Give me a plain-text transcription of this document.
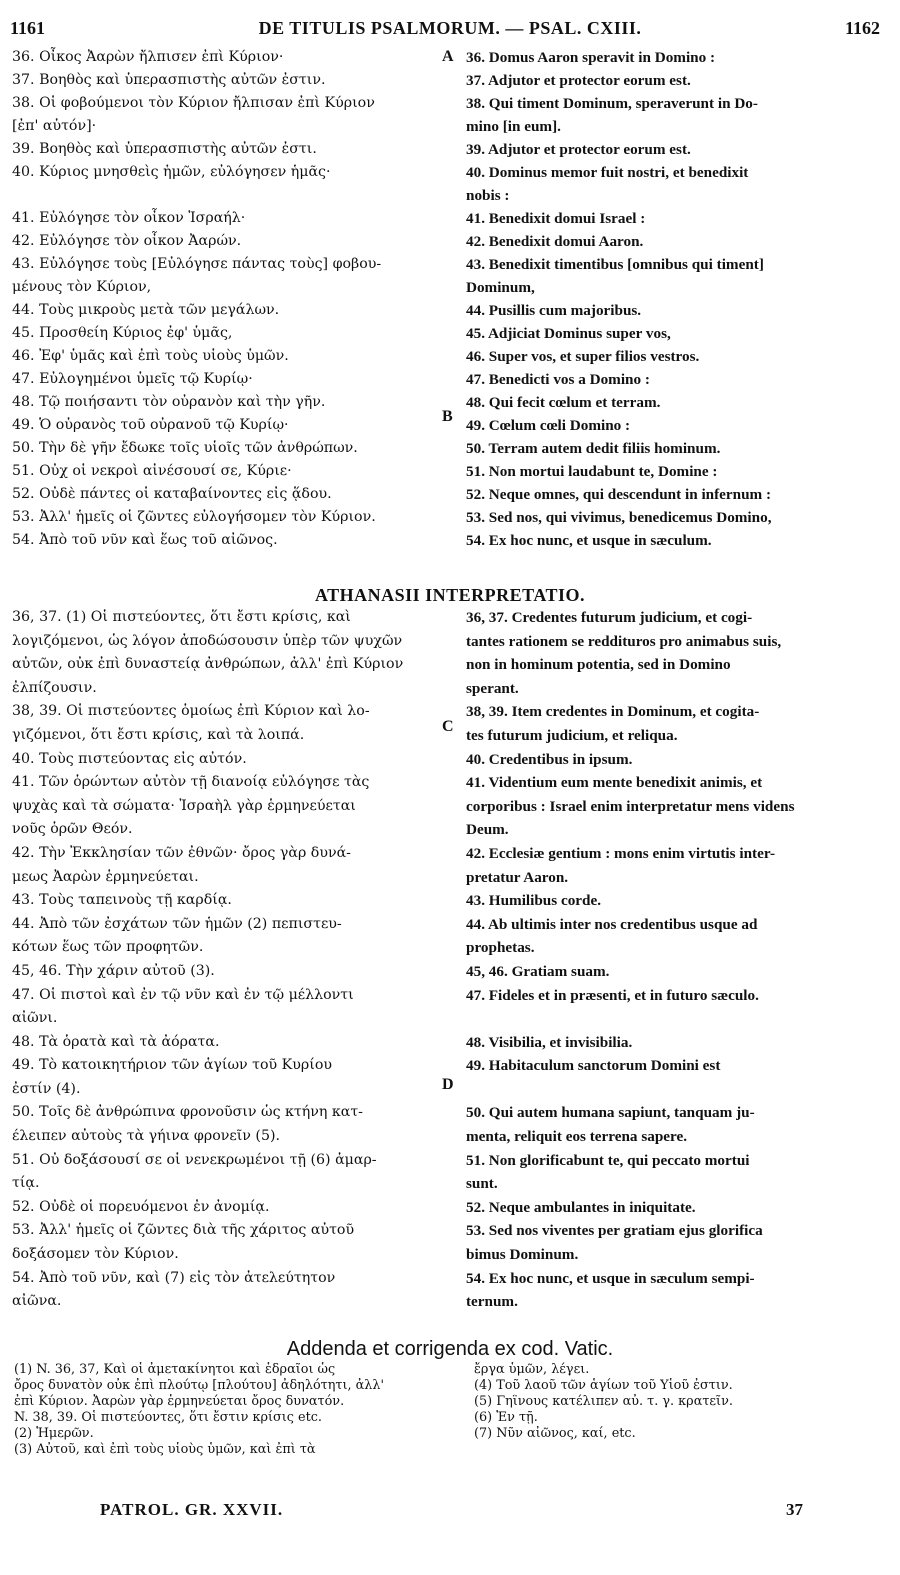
1161	DE TITULIS PSALMORUM. — PSAL. CXIII.	1162
36. Οἶκος Ἀαρὼν ἤλπισεν ἐπὶ Κύριον·
37. Βοηθὸς καὶ ὑπερασπιστὴς αὐτῶν ἐστιν.
38. Οἱ φοβούμενοι τὸν Κύριον ἤλπισαν ἐπὶ Κύριον
[ἐπ' αὐτόν]·
39. Βοηθὸς καὶ ὑπερασπιστὴς αὐτῶν ἐστι.
40. Κύριος μνησθεὶς ἡμῶν, εὐλόγησεν ἡμᾶς·
41. Εὐλόγησε τὸν οἶκον Ἰσραήλ·
42. Εὐλόγησε τὸν οἶκον Ἀαρών.
43. Εὐλόγησε τοὺς [Εὐλόγησε πάντας τοὺς] φοβου-
μένους τὸν Κύριον,
44. Τοὺς μικροὺς μετὰ τῶν μεγάλων.
45. Προσθείη Κύριος ἐφ' ὑμᾶς,
46. Ἐφ' ὑμᾶς καὶ ἐπὶ τοὺς υἱοὺς ὑμῶν.
47. Εὐλογημένοι ὑμεῖς τῷ Κυρίῳ·
48. Τῷ ποιήσαντι τὸν οὐρανὸν καὶ τὴν γῆν.
49. Ὁ οὐρανὸς τοῦ οὐρανοῦ τῷ Κυρίῳ·
50. Τὴν δὲ γῆν ἔδωκε τοῖς υἱοῖς τῶν ἀνθρώπων.
51. Οὐχ οἱ νεκροὶ αἰνέσουσί σε, Κύριε·
52. Οὐδὲ πάντες οἱ καταβαίνοντες εἰς ᾅδου.
53. Ἀλλ' ἡμεῖς οἱ ζῶντες εὐλογήσομεν τὸν Κύριον.
54. Ἀπὸ τοῦ νῦν καὶ ἕως τοῦ αἰῶνος.
36. Domus Aaron speravit in Domino :
37. Adjutor et protector eorum est.
38. Qui timent Dominum, speraverunt in Do-
mino [in eum].
39. Adjutor et protector eorum est.
40. Dominus memor fuit nostri, et benedixit
nobis :
41. Benedixit domui Israel :
42. Benedixit domui Aaron.
43. Benedixit timentibus [omnibus qui timent]
Dominum,
44. Pusillis cum majoribus.
45. Adjiciat Dominus super vos,
46. Super vos, et super filios vestros.
47. Benedicti vos a Domino :
48. Qui fecit cœlum et terram.
49. Cœlum cœli Domino :
50. Terram autem dedit filiis hominum.
51. Non mortui laudabunt te, Domine :
52. Neque omnes, qui descendunt in infernum :
53. Sed nos, qui vivimus, benedicemus Domino,
54. Ex hoc nunc, et usque in sæculum.
A
B
C
D
ATHANASII INTERPRETATIO.
36, 37. (1) Οἱ πιστεύοντες, ὅτι ἔστι κρίσις, καὶ
λογιζόμενοι, ὡς λόγον ἀποδώσουσιν ὑπὲρ τῶν ψυχῶν
αὐτῶν, οὐκ ἐπὶ δυναστείᾳ ἀνθρώπων, ἀλλ' ἐπὶ Κύριον
ἐλπίζουσιν.
38, 39. Οἱ πιστεύοντες ὁμοίως ἐπὶ Κύριον καὶ λο-
γιζόμενοι, ὅτι ἔστι κρίσις, καὶ τὰ λοιπά.
40. Τοὺς πιστεύοντας εἰς αὐτόν.
41. Τῶν ὁρώντων αὐτὸν τῇ διανοίᾳ εὐλόγησε τὰς
ψυχὰς καὶ τὰ σώματα· Ἰσραὴλ γὰρ ἑρμηνεύεται
νοῦς ὁρῶν Θεόν.
42. Τὴν Ἐκκλησίαν τῶν ἐθνῶν· ὄρος γὰρ δυνά-
μεως Ἀαρὼν ἑρμηνεύεται.
43. Τοὺς ταπεινοὺς τῇ καρδίᾳ.
44. Ἀπὸ τῶν ἐσχάτων τῶν ἡμῶν (2) πεπιστευ-
κότων ἕως τῶν προφητῶν.
45, 46. Τὴν χάριν αὐτοῦ (3).
47. Οἱ πιστοὶ καὶ ἐν τῷ νῦν καὶ ἐν τῷ μέλλοντι
αἰῶνι.
48. Τὰ ὁρατὰ καὶ τὰ ἀόρατα.
49. Τὸ κατοικητήριον τῶν ἁγίων τοῦ Κυρίου
ἐστίν (4).
50. Τοῖς δὲ ἀνθρώπινα φρονοῦσιν ὡς κτήνη κατ-
έλειπεν αὐτοὺς τὰ γήινα φρονεῖν (5).
51. Οὐ δοξάσουσί σε οἱ νενεκρωμένοι τῇ (6) ἁμαρ-
τίᾳ.
52. Οὐδὲ οἱ πορευόμενοι ἐν ἀνομίᾳ.
53. Ἀλλ' ἡμεῖς οἱ ζῶντες διὰ τῆς χάριτος αὐτοῦ
δοξάσομεν τὸν Κύριον.
54. Ἀπὸ τοῦ νῦν, καὶ (7) εἰς τὸν ἀτελεύτητον
αἰῶνα.
36, 37. Credentes futurum judicium, et cogi-
tantes rationem se reddituros pro animabus suis,
non in hominum potentia, sed in Domino
sperant.
38, 39. Item credentes in Dominum, et cogita-
tes futurum judicium, et reliqua.
40. Credentibus in ipsum.
41. Videntium eum mente benedixit animis, et
corporibus : Israel enim interpretatur mens videns
Deum.
42. Ecclesiæ gentium : mons enim virtutis inter-
pretatur Aaron.
43. Humilibus corde.
44. Ab ultimis inter nos credentibus usque ad
prophetas.
45, 46. Gratiam suam.
47. Fideles et in præsenti, et in futuro sæculo.
48. Visibilia, et invisibilia.
49. Habitaculum sanctorum Domini est
50. Qui autem humana sapiunt, tanquam ju-
menta, reliquit eos terrena sapere.
51. Non glorificabunt te, qui peccato mortui
sunt.
52. Neque ambulantes in iniquitate.
53. Sed nos viventes per gratiam ejus glorifica
bimus Dominum.
54. Ex hoc nunc, et usque in sæculum sempi-
ternum.
Addenda et corrigenda ex cod. Vatic.
(1) N. 36, 37, Καὶ οἱ ἀμετακίνητοι καὶ ἑδραῖοι ὡς
ὄρος δυνατὸν οὐκ ἐπὶ πλούτῳ [πλούτου] ἀδηλότητι, ἀλλ'
ἐπὶ Κύριον. Ἀαρὼν γὰρ ἑρμηνεύεται ὄρος δυνατόν.
N. 38, 39. Οἱ πιστεύοντες, ὅτι ἔστιν κρίσις etc.
(2) Ἡμερῶν.
(3) Αὐτοῦ, καὶ ἐπὶ τοὺς υἱοὺς ὑμῶν, καὶ ἐπὶ τὰ
ἔργα ὑμῶν, λέγει.
(4) Τοῦ λαοῦ τῶν ἁγίων τοῦ Υἱοῦ ἐστιν.
(5) Γηΐνους κατέλιπεν αὐ. τ. γ. κρατεῖν.
(6) Ἐν τῇ.
(7) Νῦν αἰῶνος, καί, etc.
PATROL. GR. XXVII.	37
